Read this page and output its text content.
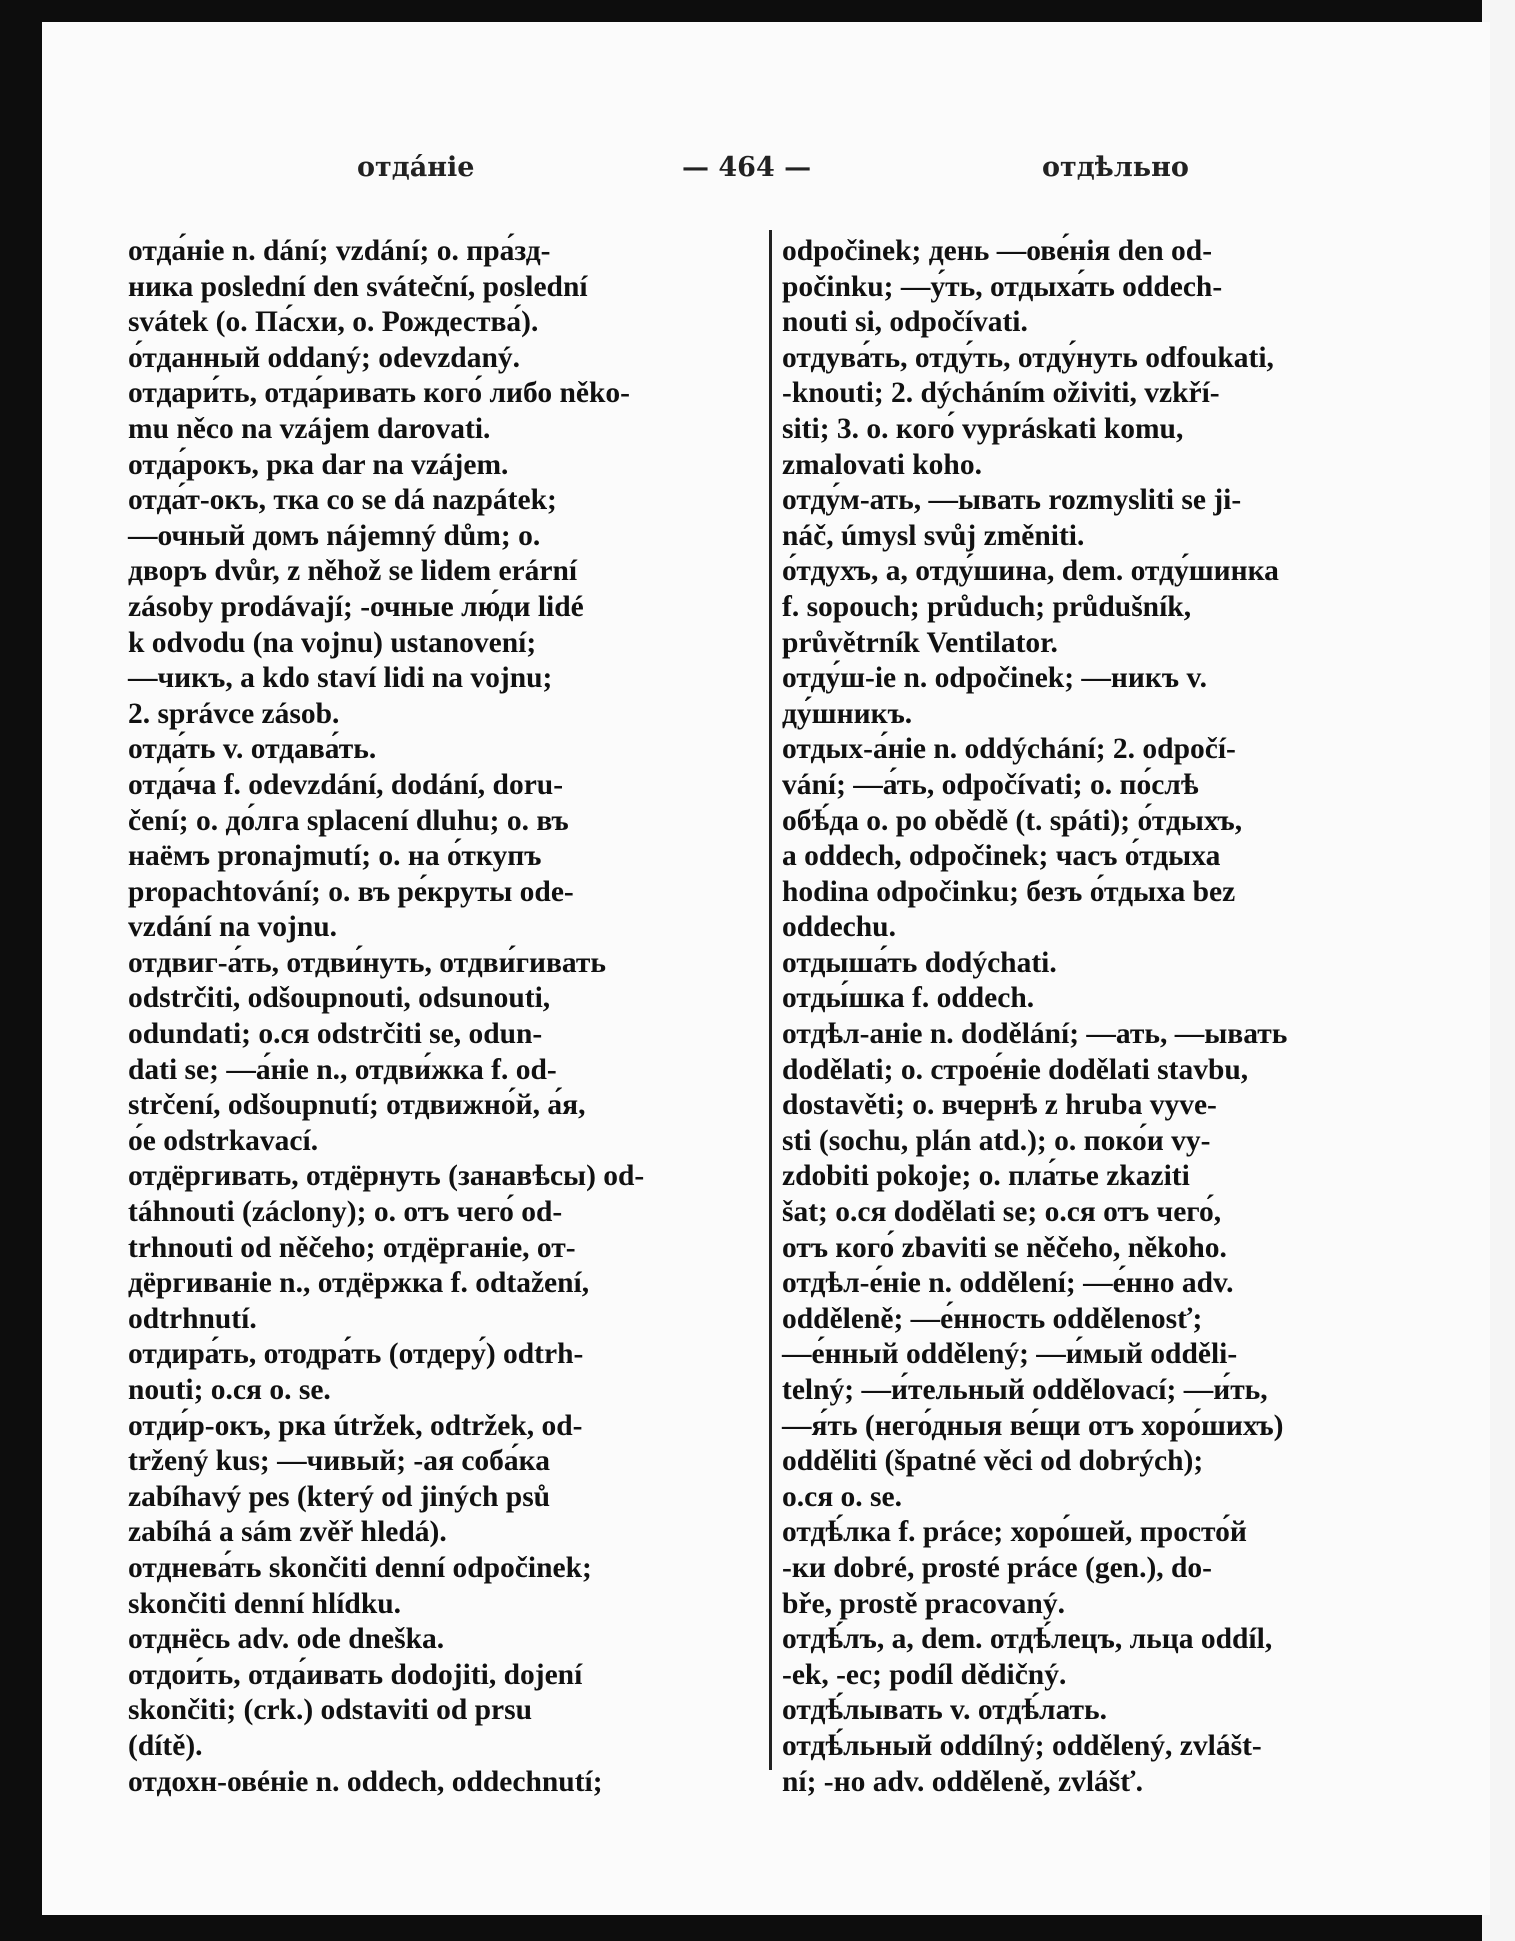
отда́ніе	— 464 —	отдѣльно
отда́ніе n. dání; vzdání; o. пра́зд-
ника poslední den sváteční, poslední
svátek (o. Па́сxи, o. Рождества́).
о́тданный oddaný; odevzdaný.
отдари́ть, отда́ривать кого́ либо někо-
mu něco na vzájem darovati.
отда́рокъ, рка dar na vzájem.
отда́т-окъ, тка co se dá nazpátek;
—очный домъ nájemný dům; o.
дворъ dvůr, z něhož se lidem erární
zásoby prodávají; -очные лю́ди lidé
k odvodu (na vojnu) ustanovení;
—чикъ, a kdo staví lidi na vojnu;
2. správce zásob.
отда́ть v. отдава́ть.
отда́ча f. odevzdání, dodání, doru-
čení; o. до́лга splacení dluhu; o. въ
наёмъ pronajmutí; o. на о́ткупъ
propachtování; o. въ ре́круты ode-
vzdání na vojnu.
отдвиг-а́ть, отдви́нуть, отдви́гивать
odstrčiti, odšoupnouti, odsunouti,
odundati; o.ся odstrčiti se, odun-
dati se; —а́ніе n., отдви́жка f. od-
strčení, odšoupnutí; отдвижно́й, а́я,
о́е odstrkavací.
отдёргивать, отдёрнуть (занавѣсы) od-
táhnouti (záclony); o. отъ чего́ od-
trhnouti od něčeho; отдёрганіе, от-
дёргиваніе n., отдёржка f. odtažení,
odtrhnutí.
отдира́ть, отодра́ть (отдеру́) odtrh-
nouti; o.ся o. se.
отди́р-окъ, рка útržek, odtržek, od-
tržený kus; —чивый; -ая соба́ка
zabíhavý pes (který od jiných psů
zabíhá a sám zvěř hledá).
отднева́ть skončiti denní odpočinek;
skončiti denní hlídku.
отднёсь adv. ode dneška.
отдои́ть, отда́ивать dodojiti, dojení
skončiti; (crk.) odstaviti od prsu
(dítě).
отдохн-овéніе n. oddech, oddechnutí;
odpočinek; день —ове́нія den od-
počinku; —у́ть, отдыха́ть oddech-
nouti si, odpočívati.
отдува́ть, отду́ть, отду́нуть odfoukati,
-knouti; 2. dýcháním oživiti, vzkří-
siti; 3. o. кого́ vypráskati komu,
zmalovati koho.
отду́м-ать, —ывать rozmysliti se ji-
náč, úmysl svůj změniti.
о́тдухъ, а, отду́шина, dem. отду́шинка
f. sopouch; průduch; průdušník,
průvětrník Ventilator.
отду́ш-іе n. odpočinek; —никъ v.
ду́шникъ.
отдых-а́ніе n. oddýchání; 2. odpočí-
vání; —а́ть, odpočívati; o. по́слѣ
обѣ́да o. po obědě (t. spáti); о́тдыхъ,
a oddech, odpočinek; часъ о́тдыха
hodina odpočinku; безъ о́тдыха bez
oddechu.
отдыша́ть dodýchati.
отды́шка f. oddech.
отдѣл-аніе n. dodělání; —ать, —ывать
dodělati; o. строе́ніе dodělati stavbu,
dostavěti; o. вчернѣ z hruba vyve-
sti (sochu, plán atd.); o. поко́и vy-
zdobiti pokoje; o. пла́тье zkaziti
šat; o.ся dodělati se; o.ся отъ чего́,
отъ кого́ zbaviti se něčeho, někoho.
отдѣл-е́ніе n. oddělení; —е́нно adv.
odděleně; —е́нность oddělenosť;
—е́нный oddělený; —и́мый odděli-
telný; —и́тельный oddělovací; —и́ть,
—я́ть (него́дныя ве́щи отъ хоро́шихъ)
odděliti (špatné věci od dobrých);
o.ся o. se.
отдѣ́лка f. práce; хоро́шей, просто́й
-ки dobré, prosté práce (gen.), do-
bře, prostě pracovaný.
отдѣ́лъ, а, dem. отдѣ́лецъ, льца oddíl,
-ek, -ec; podíl dědičný.
отдѣ́лывать v. отдѣ́лать.
отдѣ́льный oddílný; oddělený, zvlášt-
ní; -но adv. odděleně, zvlášť.
